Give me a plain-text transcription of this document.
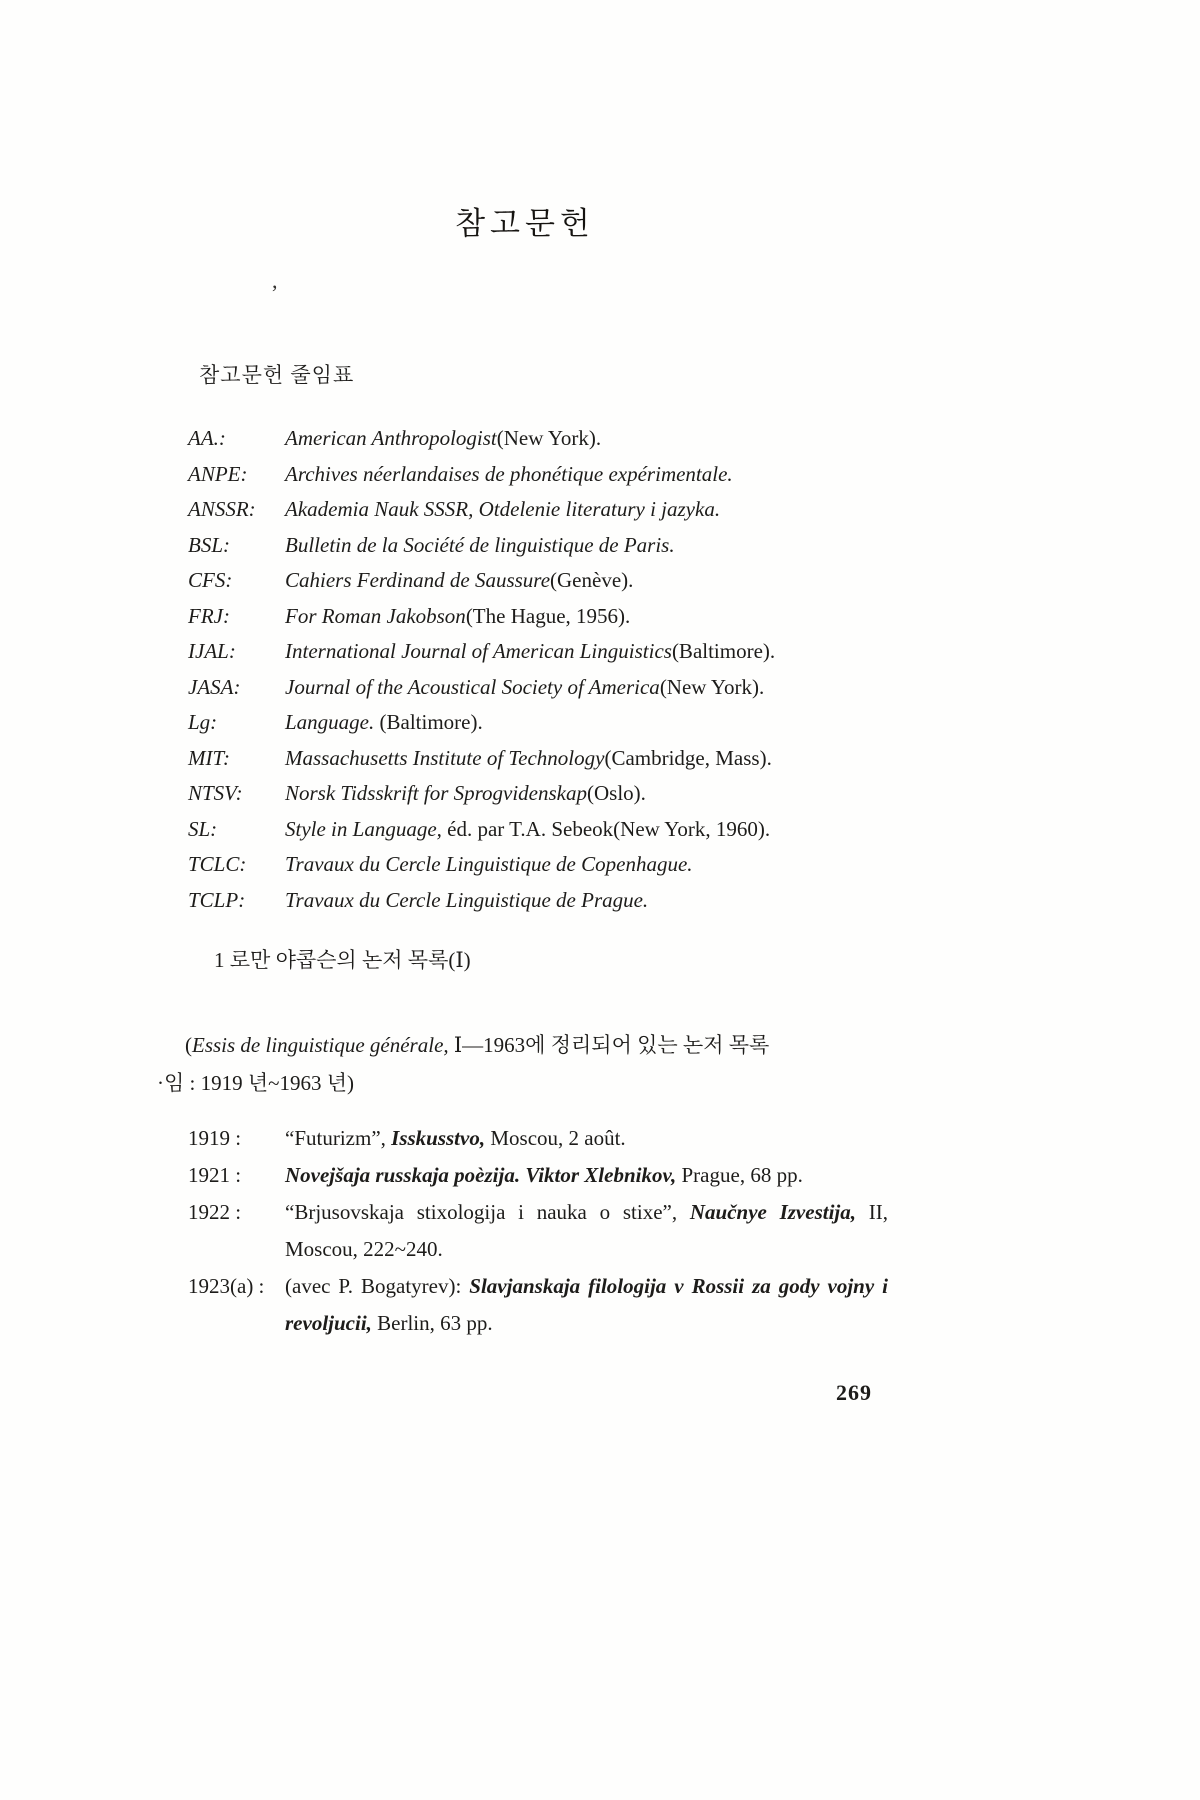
참고문헌
,
참고문헌 줄임표
AA.:	American Anthropologist(New York).
ANPE:	Archives néerlandaises de phonétique expérimentale.
ANSSR:	Akademia Nauk SSSR, Otdelenie literatury i jazyka.
BSL:	Bulletin de la Société de linguistique de Paris.
CFS:	Cahiers Ferdinand de Saussure(Genève).
FRJ:	For Roman Jakobson(The Hague, 1956).
IJAL:	International Journal of American Linguistics(Baltimore).
JASA:	Journal of the Acoustical Society of America(New York).
Lg:	Language. (Baltimore).
MIT:	Massachusetts Institute of Technology(Cambridge, Mass).
NTSV:	Norsk Tidsskrift for Sprogvidenskap(Oslo).
SL:	Style in Language, éd. par T.A. Sebeok(New York, 1960).
TCLC:	Travaux du Cercle Linguistique de Copenhague.
TCLP:	Travaux du Cercle Linguistique de Prague.
1 로만 야콥슨의 논저 목록(Ⅰ)
(Essis de linguistique générale, Ⅰ—1963에 정리되어 있는 논저 목록
·임 : 1919 년~1963 년)
1919 :	“Futurizm”, Isskusstvo, Moscou, 2 août.
1921 :	Novejšaja russkaja poèzija. Viktor Xlebnikov, Prague, 68 pp.
1922 :	“Brjusovskaja stixologija i nauka o stixe”, Naučnye Izvestija, II, Moscou, 222~240.
1923(a) : (avec P. Bogatyrev): Slavjanskaja filologija v Rossii za gody vojny i revoljucii, Berlin, 63 pp.
269
